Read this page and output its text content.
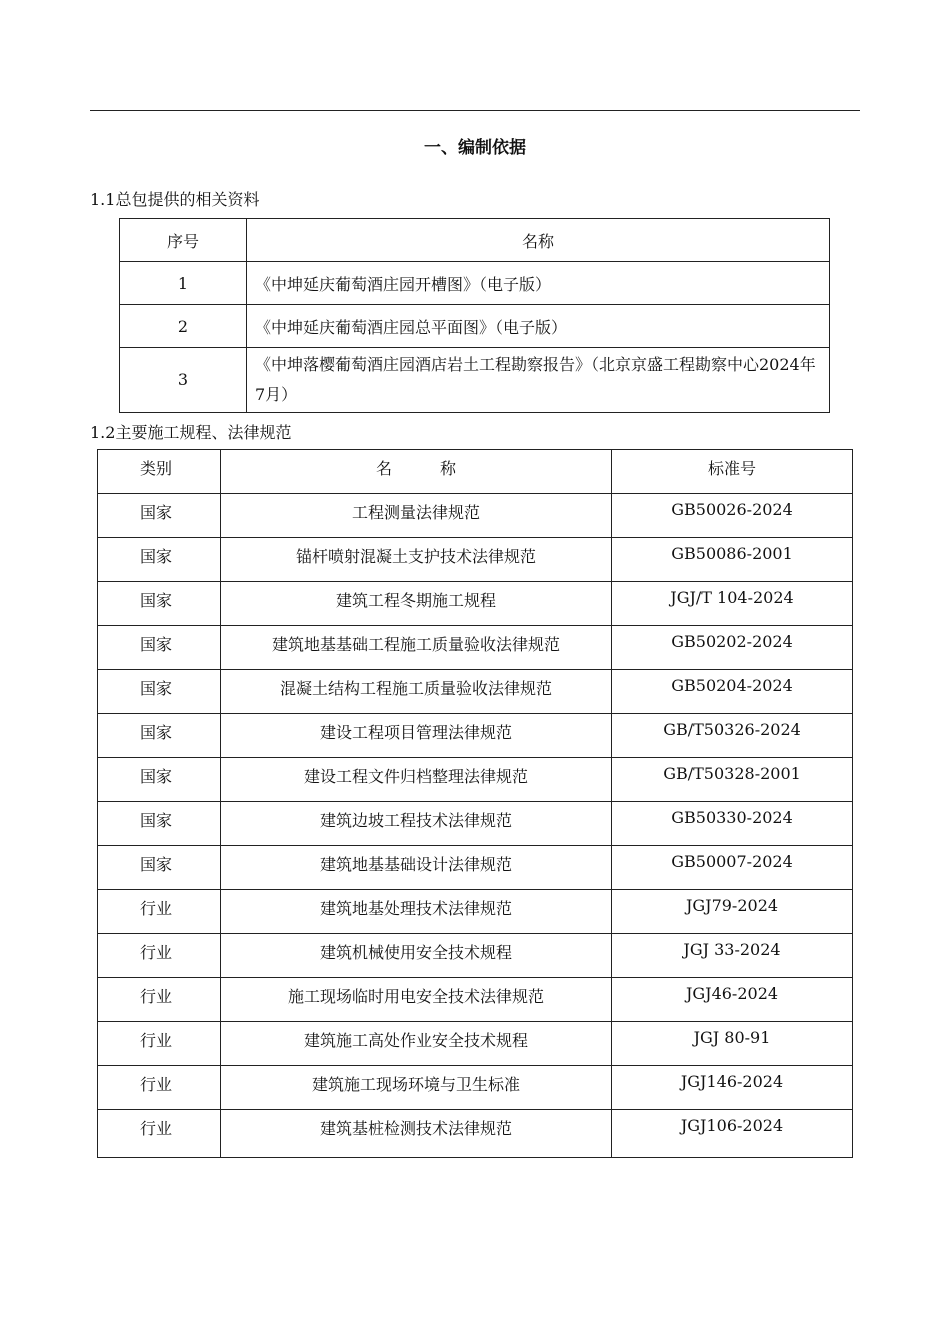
一、编制依据
1.1总包提供的相关资料
序号	名称
1	《中坤延庆葡萄酒庄园开槽图》（电子版）
2	《中坤延庆葡萄酒庄园总平面图》（电子版）
3	《中坤落樱葡萄酒庄园酒店岩土工程勘察报告》（北京京盛工程勘察中心2024年7月）
1.2主要施工规程、法律规范
类别	名 称	标准号
国家	工程测量法律规范	GB50026-2024
国家	锚杆喷射混凝土支护技术法律规范	GB50086-2001
国家	建筑工程冬期施工规程	JGJ/T 104-2024
国家	建筑地基基础工程施工质量验收法律规范	GB50202-2024
国家	混凝土结构工程施工质量验收法律规范	GB50204-2024
国家	建设工程项目管理法律规范	GB/T50326-2024
国家	建设工程文件归档整理法律规范	GB/T50328-2001
国家	建筑边坡工程技术法律规范	GB50330-2024
国家	建筑地基基础设计法律规范	GB50007-2024
行业	建筑地基处理技术法律规范	JGJ79-2024
行业	建筑机械使用安全技术规程	JGJ 33-2024
行业	施工现场临时用电安全技术法律规范	JGJ46-2024
行业	建筑施工高处作业安全技术规程	JGJ 80-91
行业	建筑施工现场环境与卫生标准	JGJ146-2024
行业	建筑基桩检测技术法律规范	JGJ106-2024
